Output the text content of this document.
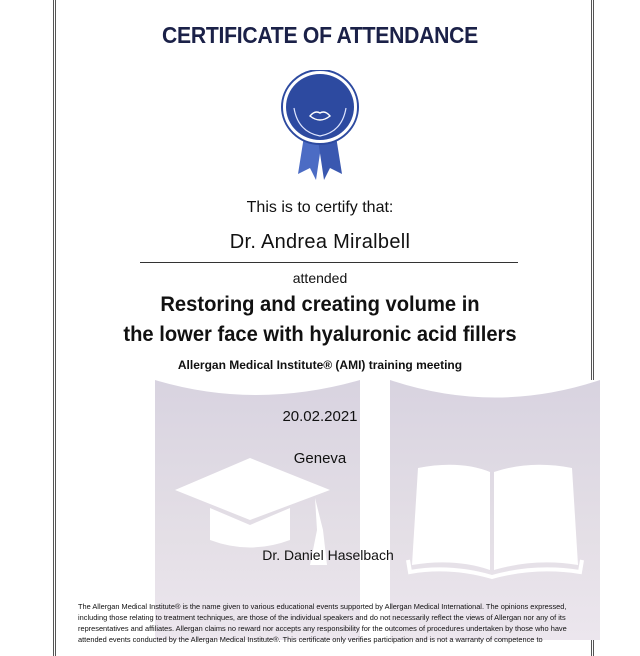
CERTIFICATE OF ATTENDANCE
This is to certify that:
Dr. Andrea Miralbell
attended
Restoring and creating volume in
the lower face with hyaluronic acid fillers
Allergan Medical Institute® (AMI) training meeting
20.02.2021
Geneva
Dr. Daniel Haselbach
The Allergan Medical Institute® is the name given to various educational events supported by Allergan Medical International. The opinions expressed, including those relating to treatment techniques, are those of the individual speakers and do not necessarily reflect the views of Allergan nor any of its representatives and affiliates. Allergan claims no reward nor accepts any responsibility for the outcomes of procedures undertaken by those who have attended events conducted by the Allergan Medical Institute®. This certificate only verifies participation and is not a warranty of competence to
